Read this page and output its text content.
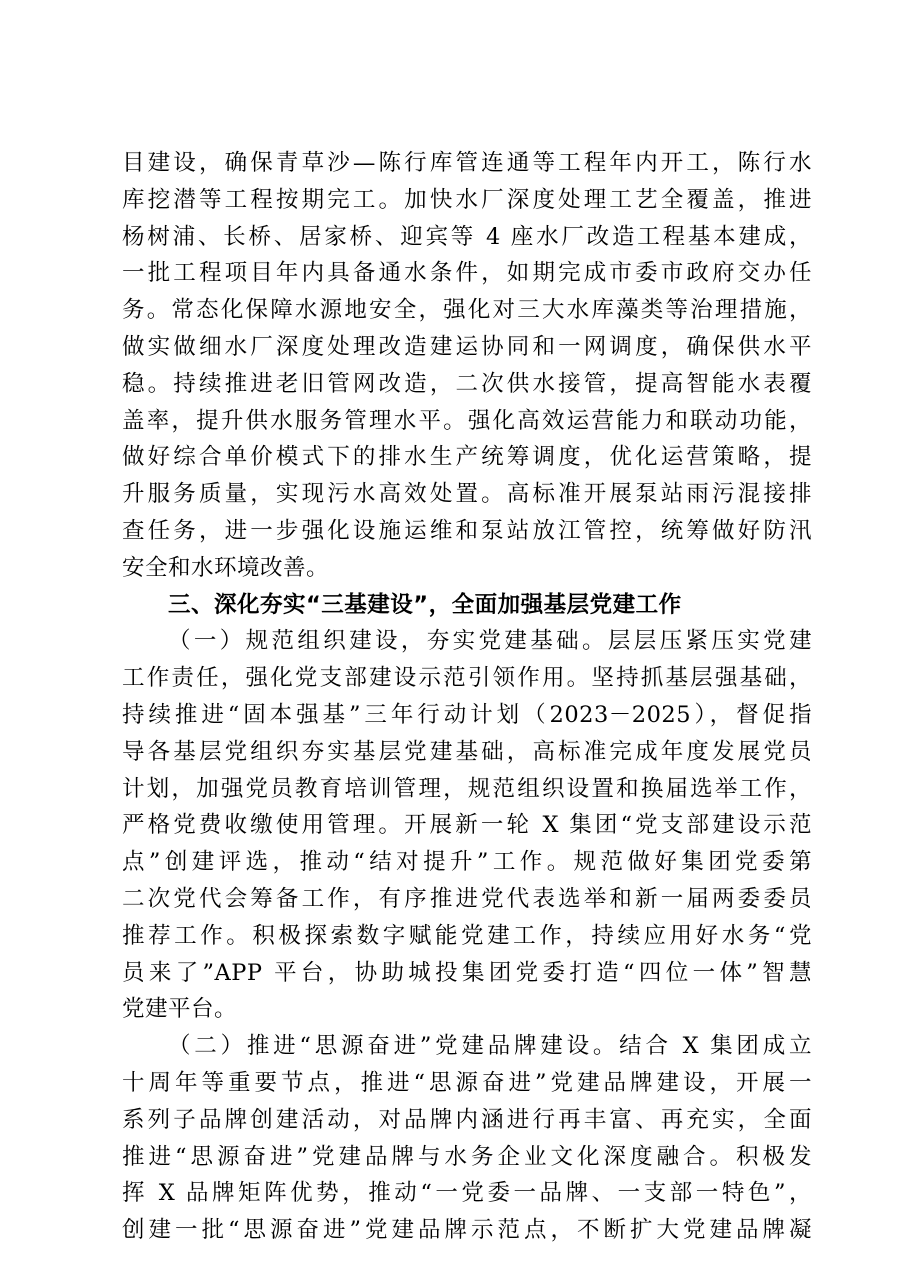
目建设，确保青草沙—陈行库管连通等工程年内开工，陈行水
库挖潜等工程按期完工。加快水厂深度处理工艺全覆盖，推进
杨树浦、长桥、居家桥、迎宾等 4 座水厂改造工程基本建成，
一批工程项目年内具备通水条件，如期完成市委市政府交办任
务。常态化保障水源地安全，强化对三大水库藻类等治理措施，
做实做细水厂深度处理改造建运协同和一网调度，确保供水平
稳。持续推进老旧管网改造，二次供水接管，提高智能水表覆
盖率，提升供水服务管理水平。强化高效运营能力和联动功能，
做好综合单价模式下的排水生产统筹调度，优化运营策略，提
升服务质量，实现污水高效处置。高标准开展泵站雨污混接排
查任务，进一步强化设施运维和泵站放江管控，统筹做好防汛
安全和水环境改善。
三、深化夯实“三基建设”，全面加强基层党建工作
（一）规范组织建设，夯实党建基础。层层压紧压实党建
工作责任，强化党支部建设示范引领作用。坚持抓基层强基础，
持续推进“固本强基”三年行动计划（2023－2025），督促指
导各基层党组织夯实基层党建基础，高标准完成年度发展党员
计划，加强党员教育培训管理，规范组织设置和换届选举工作，
严格党费收缴使用管理。开展新一轮 X 集团“党支部建设示范
点”创建评选，推动“结对提升”工作。规范做好集团党委第
二次党代会筹备工作，有序推进党代表选举和新一届两委委员
推荐工作。积极探索数字赋能党建工作，持续应用好水务“党
员来了”APP 平台，协助城投集团党委打造“四位一体”智慧
党建平台。
（二）推进“思源奋进”党建品牌建设。结合 X 集团成立
十周年等重要节点，推进“思源奋进”党建品牌建设，开展一
系列子品牌创建活动，对品牌内涵进行再丰富、再充实，全面
推进“思源奋进”党建品牌与水务企业文化深度融合。积极发
挥 X 品牌矩阵优势，推动“一党委一品牌、一支部一特色”，
创建一批“思源奋进”党建品牌示范点，不断扩大党建品牌凝
